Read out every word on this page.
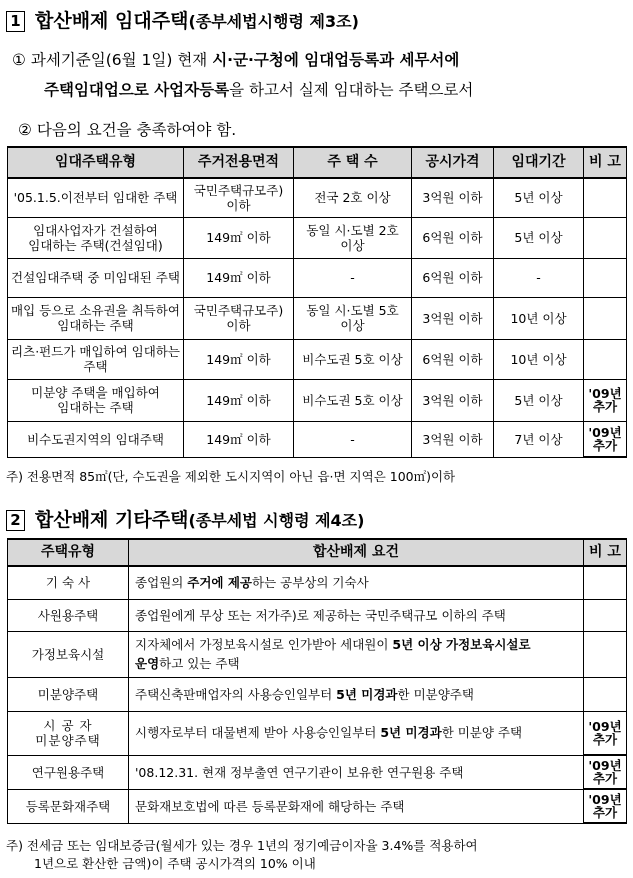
1 합산배제 임대주택(종부세법시행령 제3조)
① 과세기준일(6월 1일) 현재 시·군·구청에 임대업등록과 세무서에
주택임대업으로 사업자등록을 하고서 실제 임대하는 주택으로서
② 다음의 요건을 충족하여야 함.
임대주택유형	주거전용면적	주 택 수	공시가격	임대기간	비 고
'05.1.5.이전부터 임대한 주택	국민주택규모주) 이하	전국 2호 이상	3억원 이하	5년 이상	
임대사업자가 건설하여 임대하는 주택(건설임대)	149㎡ 이하	동일 시·도별 2호 이상	6억원 이하	5년 이상	
건설임대주택 중 미임대된 주택	149㎡ 이하	-	6억원 이하	-	
매입 등으로 소유권을 취득하여 임대하는 주택	국민주택규모주) 이하	동일 시·도별 5호 이상	3억원 이하	10년 이상	
리츠·펀드가 매입하여 임대하는 주택	149㎡ 이하	비수도권 5호 이상	6억원 이하	10년 이상	
미분양 주택을 매입하여 임대하는 주택	149㎡ 이하	비수도권 5호 이상	3억원 이하	5년 이상	'09년 추가
비수도권지역의 임대주택	149㎡ 이하	-	3억원 이하	7년 이상	'09년 추가
주) 전용면적 85㎡(단, 수도권을 제외한 도시지역이 아닌 읍·면 지역은 100㎡)이하
2 합산배제 기타주택(종부세법 시행령 제4조)
주택유형	합산배제 요건	비 고
기 숙 사	종업원의 주거에 제공하는 공부상의 기숙사	
사원용주택	종업원에게 무상 또는 저가주)로 제공하는 국민주택규모 이하의 주택	
가정보육시설	지자체에서 가정보육시설로 인가받아 세대원이 5년 이상 가정보육시설로 운영하고 있는 주택	
미분양주택	주택신축판매업자의 사용승인일부터 5년 미경과한 미분양주택	
시 공 자 미분양주택	시행자로부터 대물변제 받아 사용승인일부터 5년 미경과한 미분양 주택	'09년 추가
연구원용주택	'08.12.31. 현재 정부출연 연구기관이 보유한 연구원용 주택	'09년 추가
등록문화재주택	문화재보호법에 따른 등록문화재에 해당하는 주택	'09년 추가
주) 전세금 또는 임대보증금(월세가 있는 경우 1년의 정기예금이자율 3.4%를 적용하여
1년으로 환산한 금액)이 주택 공시가격의 10% 이내
